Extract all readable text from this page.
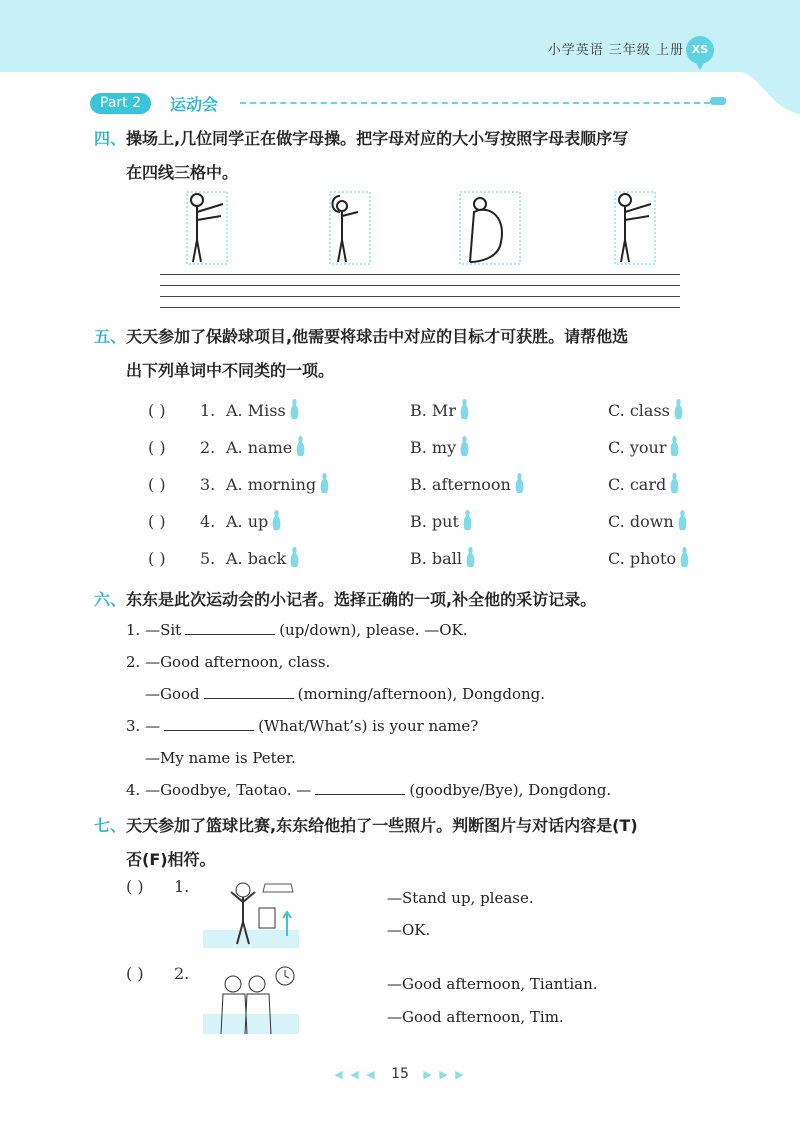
小学英语 三年级 上册 XS
Part 2	运动会
四、操场上,几位同学正在做字母操。把字母对应的大小写按照字母表顺序写
在四线三格中。
五、天天参加了保龄球项目,他需要将球击中对应的目标才可获胜。请帮他选
出下列单词中不同类的一项。
( )	1. A. Miss	B. Mr	C. class
( )	2. A. name	B. my	C. your
( )	3. A. morning	B. afternoon	C. card
( )	4. A. up	B. put	C. down
( )	5. A. back	B. ball	C. photo
六、东东是此次运动会的小记者。选择正确的一项,补全他的采访记录。
1. —Sit	(up/down), please. —OK.
2. —Good afternoon, class.
—Good	(morning/afternoon), Dongdong.
3. —	(What/What’s) is your name?
—My name is Peter.
4. —Goodbye, Taotao. —	(goodbye/Bye), Dongdong.
七、天天参加了篮球比赛,东东给他拍了一些照片。判断图片与对话内容是(T)
否(F)相符。
( )	1.
—Stand up, please.
—OK.
( )	2.
—Good afternoon, Tiantian.
—Good afternoon, Tim.
◀ ◀ ◀ 15 ▶ ▶ ▶
